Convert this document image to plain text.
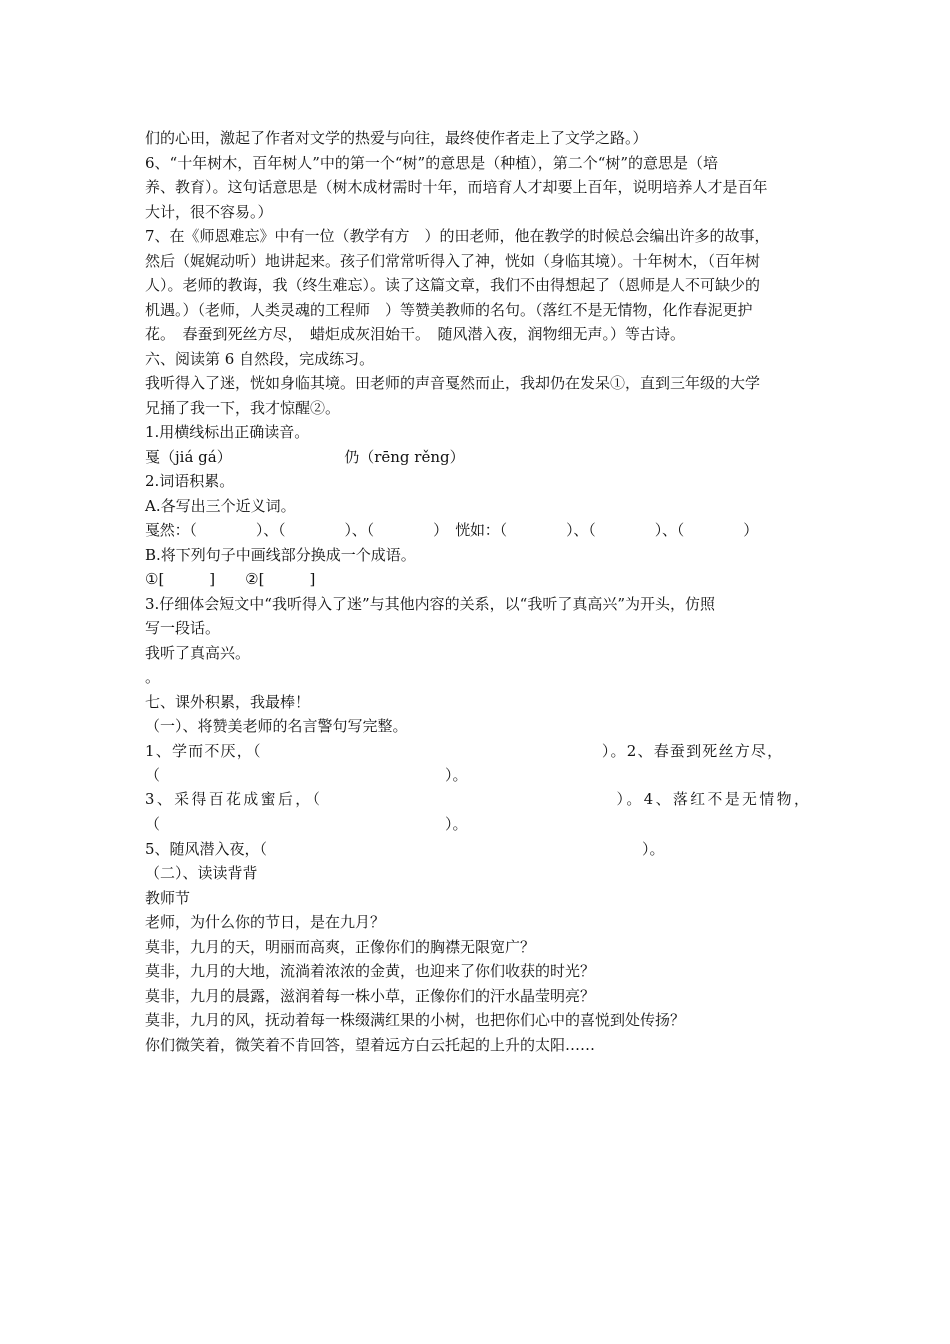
们的心田，激起了作者对文学的热爱与向往，最终使作者走上了文学之路。）
6、“十年树木，百年树人”中的第一个“树”的意思是（种植），第二个“树”的意思是（培
养、教育）。这句话意思是（树木成材需时十年，而培育人才却要上百年，说明培养人才是百年
大计，很不容易。）
7、在《师恩难忘》中有一位（教学有方　）的田老师，他在教学的时候总会编出许多的故事，
然后（娓娓动听）地讲起来。孩子们常常听得入了神，恍如（身临其境）。十年树木，（百年树
人）。老师的教诲，我（终生难忘）。读了这篇文章，我们不由得想起了（恩师是人不可缺少的
机遇。）（老师，人类灵魂的工程师　）等赞美教师的名句。（落红不是无情物，化作春泥更护
花。　春蚕到死丝方尽，　蜡炬成灰泪始干。　随风潜入夜，润物细无声。）等古诗。
六、阅读第 6 自然段，完成练习。
我听得入了迷，恍如身临其境。田老师的声音戛然而止，我却仍在发呆①，直到三年级的大学
兄捅了我一下，我才惊醒②。
1.用横线标出正确读音。
戛（jiá gá）　　　　　　　　仍（rēng rěng）
2.词语积累。
A.各写出三个近义词。
戛然：（　　　　）、（　　　　）、（　　　　）　恍如：（　　　　）、（　　　　）、（　　　　）
B.将下列句子中画线部分换成一个成语。
①[　　　]　　②[　　　]
3.仔细体会短文中“我听得入了迷”与其他内容的关系，以“我听了真高兴”为开头，仿照
写一段话。
我听了真高兴。
。
七、课外积累，我最棒！
（一）、将赞美老师的名言警句写完整。
1、学而不厌，（　　　　　　　　　　　　　　　　　　　　　）。2、春蚕到死丝方尽，
（　　　　　　　　　　　　　　　　　　　）。
3、采得百花成蜜后，（　　　　　　　　　　　　　　　　　）。4、落红不是无情物，
（　　　　　　　　　　　　　　　　　　　）。
5、随风潜入夜，（　　　　　　　　　　　　　　　　　　　　　　　　　）。
（二）、读读背背
教师节
老师，为什么你的节日，是在九月？
莫非，九月的天，明丽而高爽，正像你们的胸襟无限宽广？
莫非，九月的大地，流淌着浓浓的金黄，也迎来了你们收获的时光？
莫非，九月的晨露，滋润着每一株小草，正像你们的汗水晶莹明亮？
莫非，九月的风，抚动着每一株缀满红果的小树，也把你们心中的喜悦到处传扬？
你们微笑着，微笑着不肯回答，望着远方白云托起的上升的太阳……
